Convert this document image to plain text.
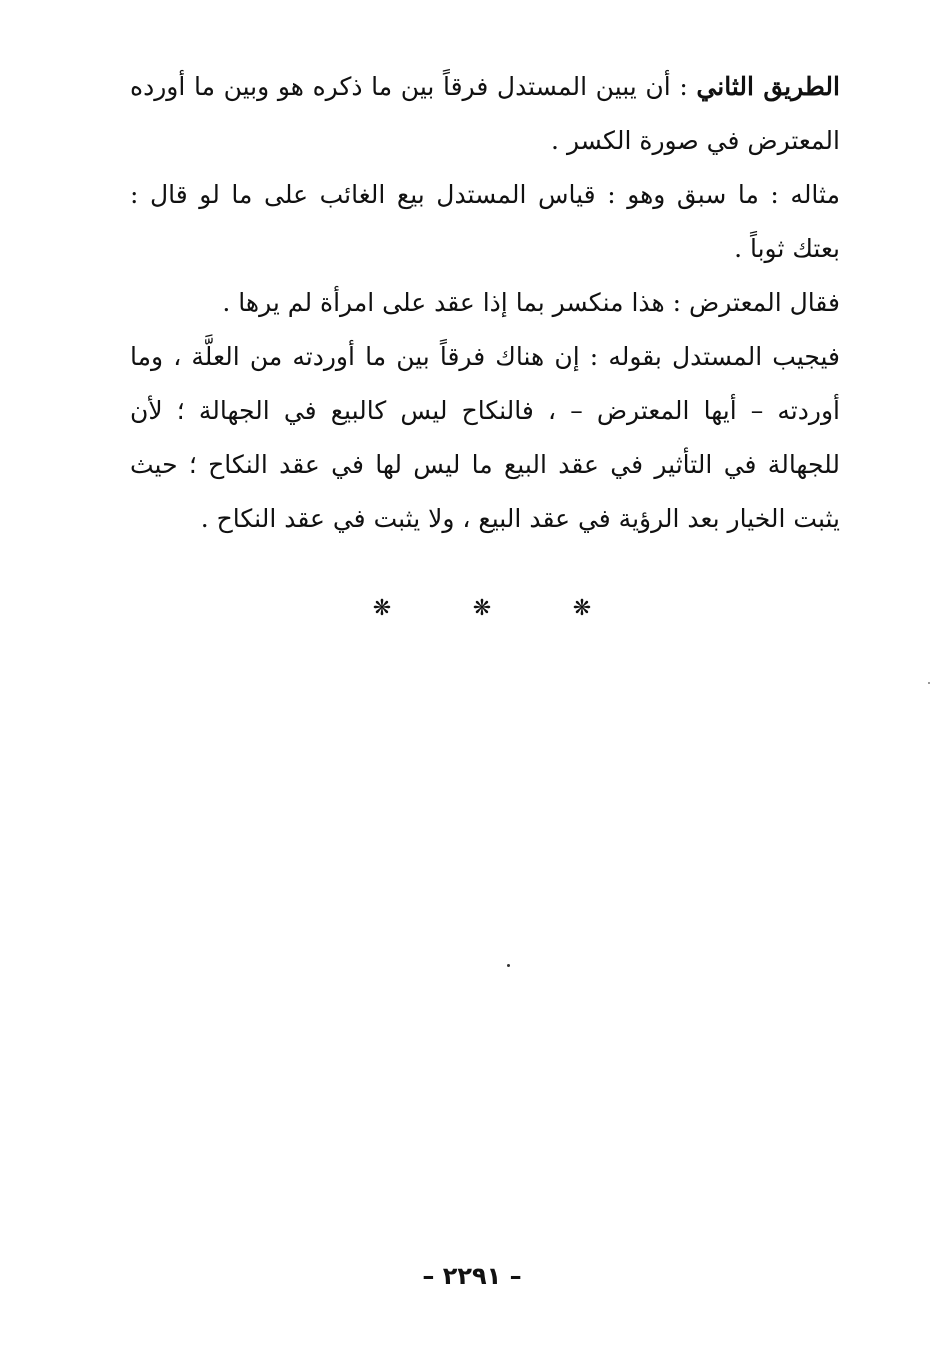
الطريق الثاني : أن يبين المستدل فرقاً بين ما ذكره هو وبين ما أورده المعترض في صورة الكسر .

مثاله : ما سبق وهو : قياس المستدل بيع الغائب على ما لو قال : بعتك ثوباً .

فقال المعترض : هذا منكسر بما إذا عقد على امرأة لم يرها .

فيجيب المستدل بقوله : إن هناك فرقاً بين ما أوردته من العلَّة ، وما أوردته – أيها المعترض – ، فالنكاح ليس كالبيع في الجهالة ؛ لأن للجهالة في التأثير في عقد البيع ما ليس لها في عقد النكاح ؛ حيث يثبت الخيار بعد الرؤية في عقد البيع ، ولا يثبت في عقد النكاح .

❋	❋	❋
– ٢٢٩١ –
